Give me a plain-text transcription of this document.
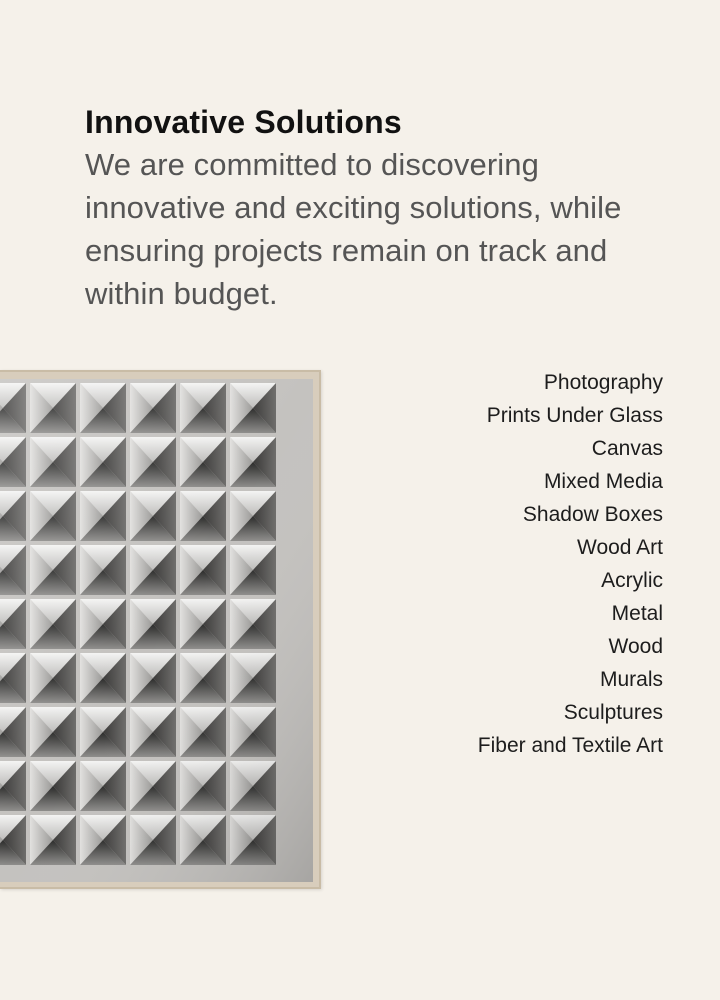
Innovative Solutions

We are committed to discovering innovative and exciting solutions, while ensuring projects remain on track and within budget.

Photography
Prints Under Glass
Canvas
Mixed Media
Shadow Boxes
Wood Art
Acrylic
Metal
Wood
Murals
Sculptures
Fiber and Textile Art
